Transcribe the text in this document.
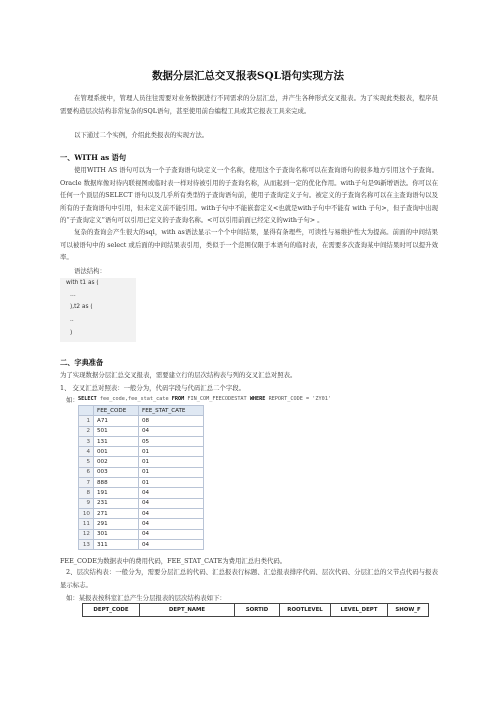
数据分层汇总交叉报表SQL语句实现方法

在管理系统中，管理人员往往需要对业务数据进行不同需求的分层汇总，并产生各种形式交叉报表。为了实现此类报表，程序员需要构造层次结构非常复杂的SQL语句，甚至使用前台编程工具或其它报表工具来完成。

以下通过二个实例，介绍此类报表的实现方法。

一、WITH as 语句

使用WITH AS 语句可以为一个子查询语句块定义一个名称，使用这个子查询名称可以在查询语句的很多地方引用这个子查询。Oracle 数据库像对待内联视图或临时表一样对待被引用的子查询名称，从而起到一定的优化作用。with子句是9i新增语法。你可以在任何一个顶层的SELECT 语句以及几乎所有类型的子查询语句前，使用子查询定义子句。被定义的子查询名称可以在主查询语句以及所有的子查询语句中引用，但未定义前不能引用。with子句中不能嵌套定义<也就是with子句中不能有 with 子句>，但子查询中出现的“子查询定义”语句可以引用已定义的子查询名称。<可以引用前面已经定义的with子句> 。

复杂的查询会产生很大的sql，with as语法显示一个个中间结果，显得有条理些，可读性与易维护性大为提高。前面的中间结果可以被语句中的 select 或后面的中间结果表引用，类似于一个范围仅限于本语句的临时表，在需要多次查询某中间结果时可以提升效率。

语法结构：
with t1 as (
…
),t2 as (
..
)
二、字典准备
为了实现数据分层汇总交叉报表，需要建立行的层次结构表与列的交叉汇总对照表。
1、 交叉汇总对照表：一般分为，代码字段与代码汇总二个字段。
如： SELECT fee_code,fee_stat_cate FROM FIN_COM_FEECODESTAT WHERE REPORT_CODE = 'ZY01'
	FEE_CODE	FEE_STAT_CATE	
1	A71	08	
2	501	04	
3	131	05	
4	001	01	
5	002	01	
6	003	01	
7	888	01	
8	191	04	
9	231	04	
10	271	04	
11	291	04	
12	301	04	
13	311	04	
FEE_CODE为数据表中的费用代码，FEE_STAT_CATE为费用汇总归类代码。

2、层次结构表：一般分为，需要分层汇总的代码、汇总报表行标题、汇总报表排序代码、层次代码、分层汇总的父节点代码与报表显示标志。

如：某报表按科室汇总产生分层报表的层次结构表如下：
DEPT_CODE	DEPT_NAME	SORTID	ROOTLEVEL	LEVEL_DEPT	SHOW_F
